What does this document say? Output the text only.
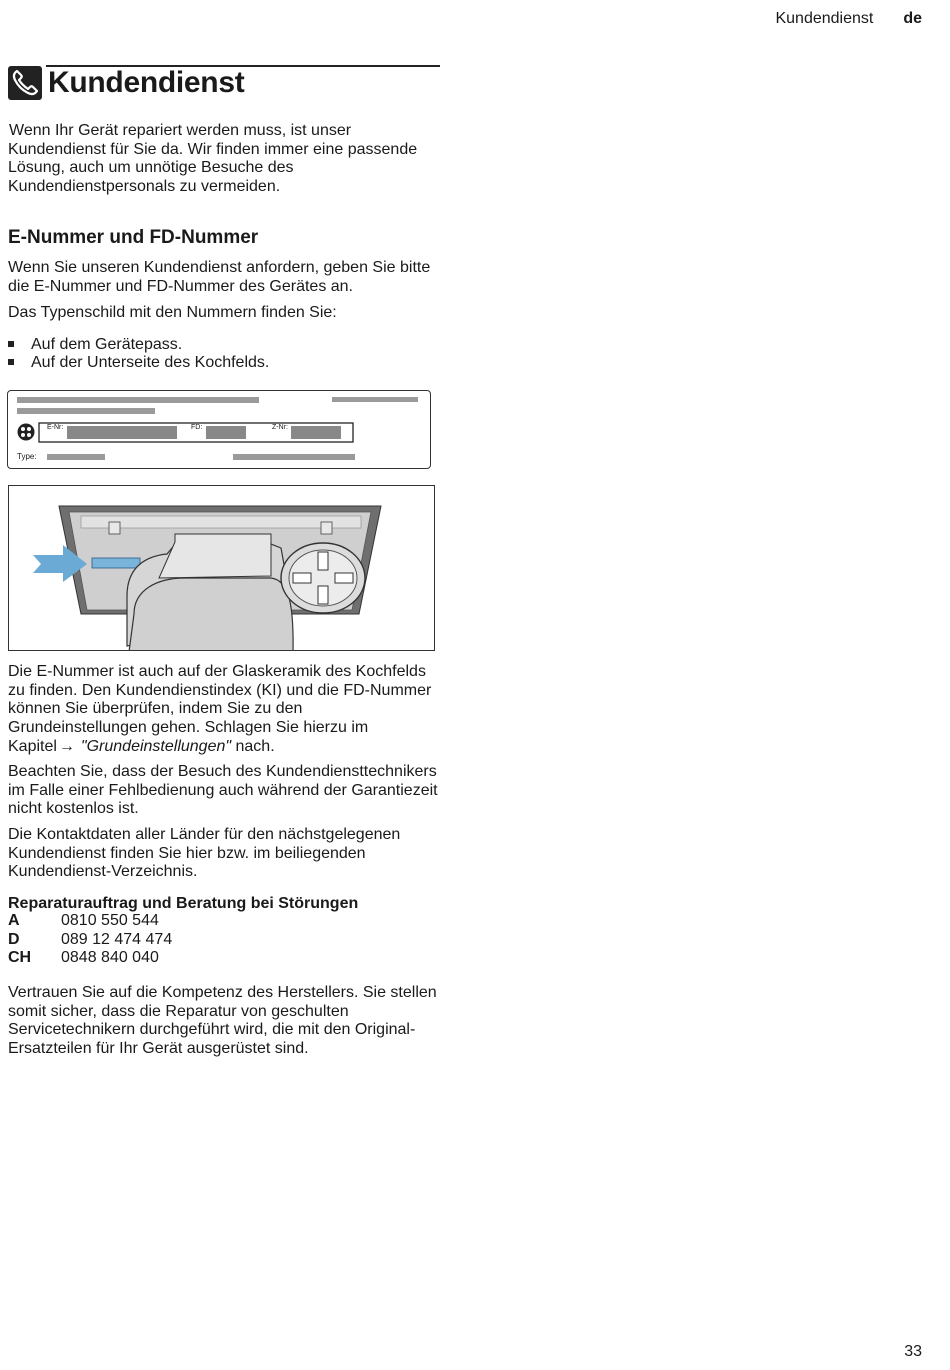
Kundendienst de
Kundendienst

Wenn Ihr Gerät repariert werden muss, ist unser Kundendienst für Sie da. Wir finden immer eine passende Lösung, auch um unnötige Besuche des Kundendienstpersonals zu vermeiden.

E-Nummer und FD-Nummer

Wenn Sie unseren Kundendienst anfordern, geben Sie bitte die E-Nummer und FD-Nummer des Gerätes an.

Das Typenschild mit den Nummern finden Sie:

Auf dem Gerätepass.
Auf der Unterseite des Kochfelds.
E-Nr:	FD:	Z-Nr:
Type:

Die E-Nummer ist auch auf der Glaskeramik des Kochfelds zu finden. Den Kundendienstindex (KI) und die FD-Nummer können Sie überprüfen, indem Sie zu den Grundeinstellungen gehen. Schlagen Sie hierzu im Kapitel → "Grundeinstellungen" nach.

Beachten Sie, dass der Besuch des Kundendiensttechnikers im Falle einer Fehlbedienung auch während der Garantiezeit nicht kostenlos ist.

Die Kontaktdaten aller Länder für den nächstgelegenen Kundendienst finden Sie hier bzw. im beiliegenden Kundendienst-Verzeichnis.

Reparaturauftrag und Beratung bei Störungen
A	0810 550 544
D	089 12 474 474
CH 0848 840 040

Vertrauen Sie auf die Kompetenz des Herstellers. Sie stellen somit sicher, dass die Reparatur von geschulten Servicetechnikern durchgeführt wird, die mit den Original-Ersatzteilen für Ihr Gerät ausgerüstet sind.

33
